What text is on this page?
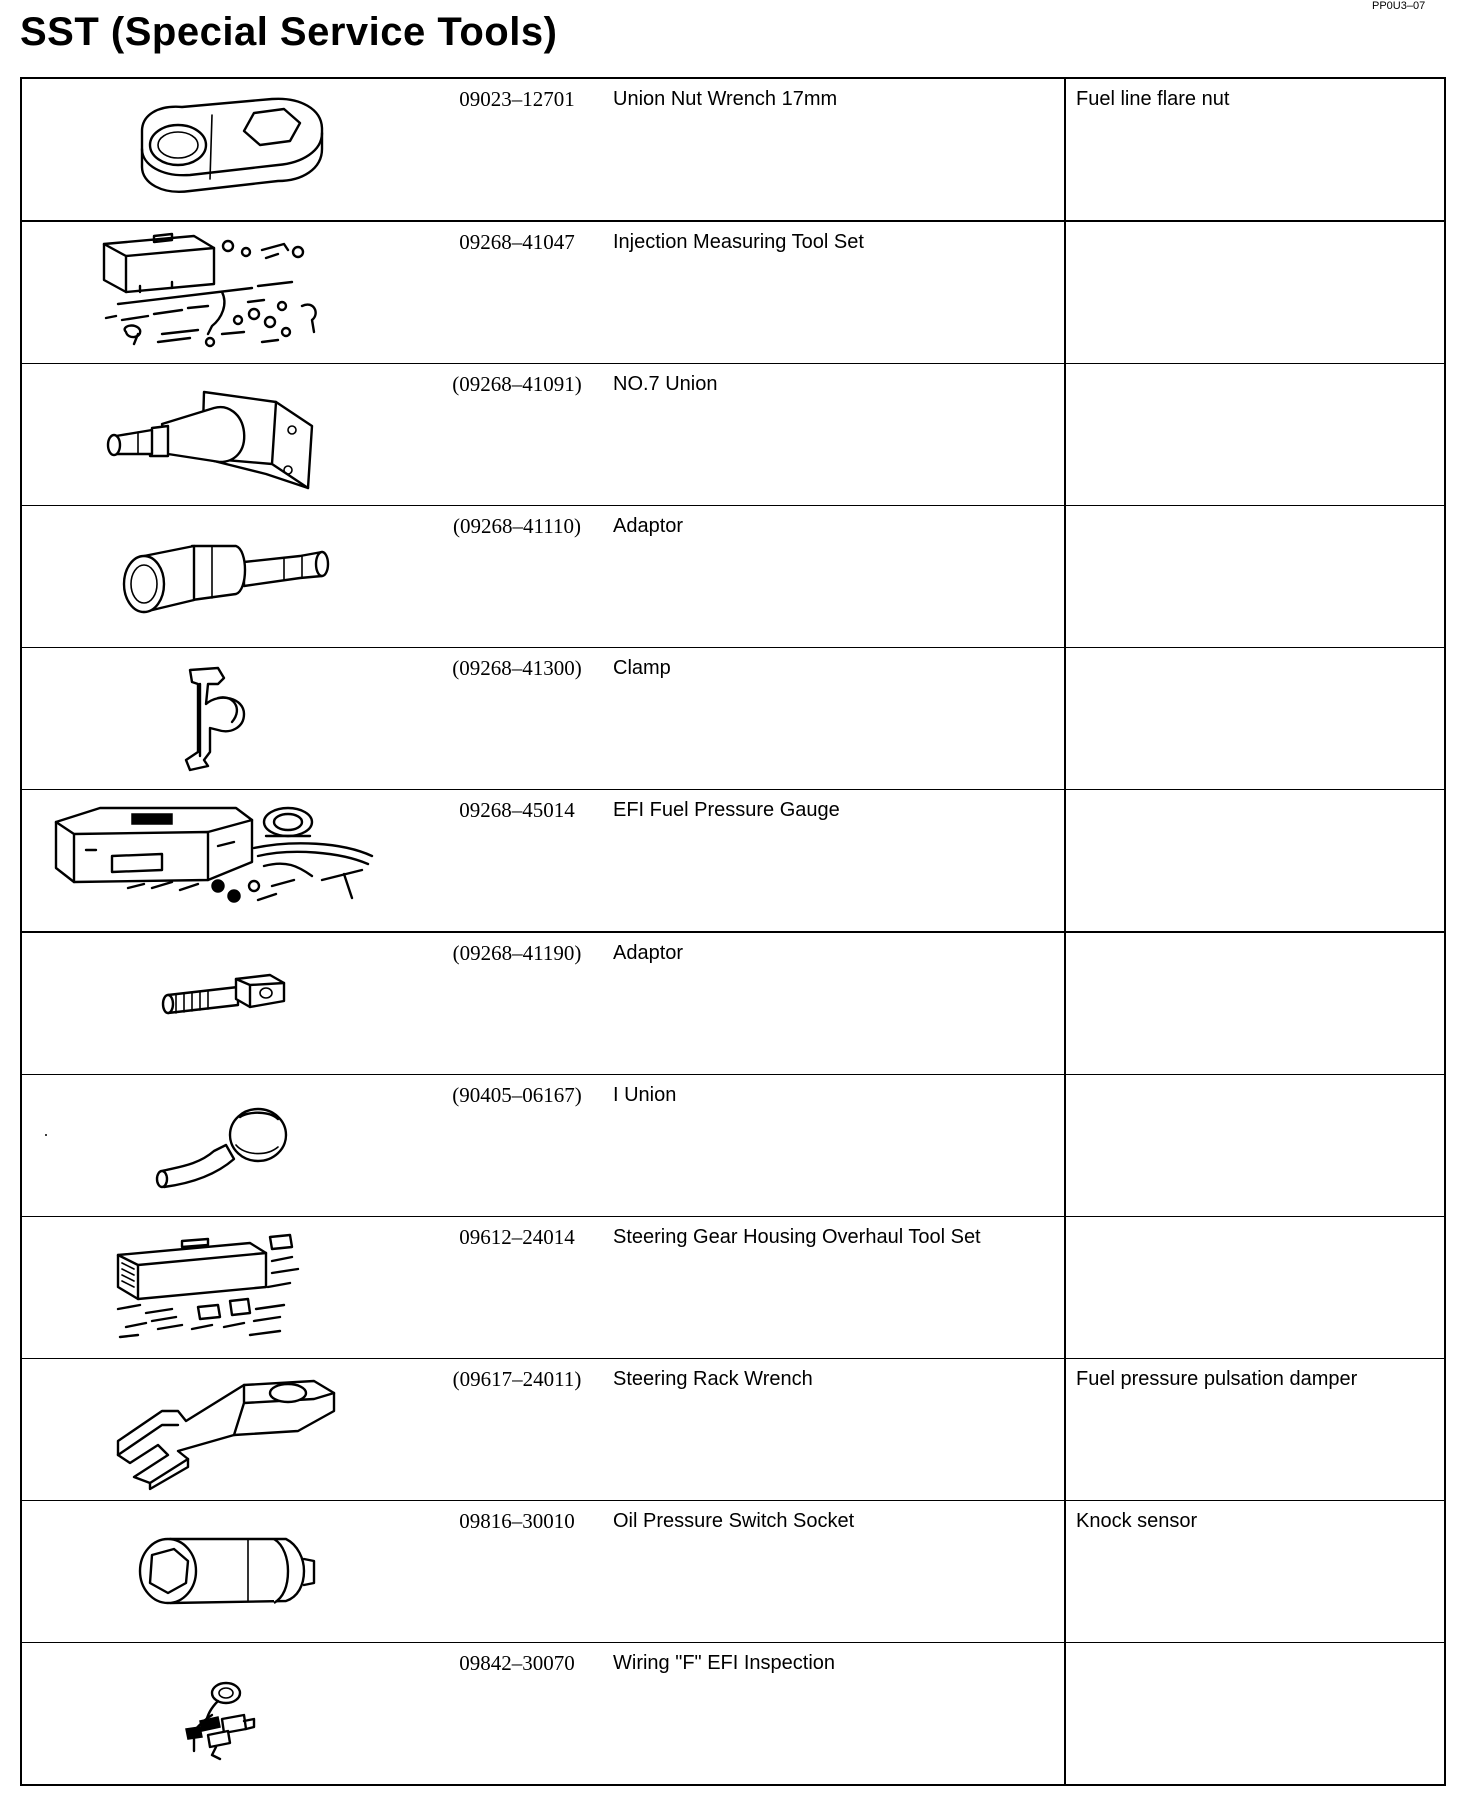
SST (Special Service Tools)
PP0U3–07

09023–12701	Union Nut Wrench 17mm	Fuel line flare nut

09268–41047	Injection Measuring Tool Set	

(09268–41091)	NO.7 Union	

(09268–41110)	Adaptor	

(09268–41300)	Clamp	

09268–45014	EFI Fuel Pressure Gauge	

(09268–41190)	Adaptor	

(90405–06167)	I Union	

09612–24014	Steering Gear Housing Overhaul Tool Set	

(09617–24011)	Steering Rack Wrench	Fuel pressure pulsation damper

09816–30010	Oil Pressure Switch Socket	Knock sensor

09842–30070	Wiring "F" EFI Inspection	
